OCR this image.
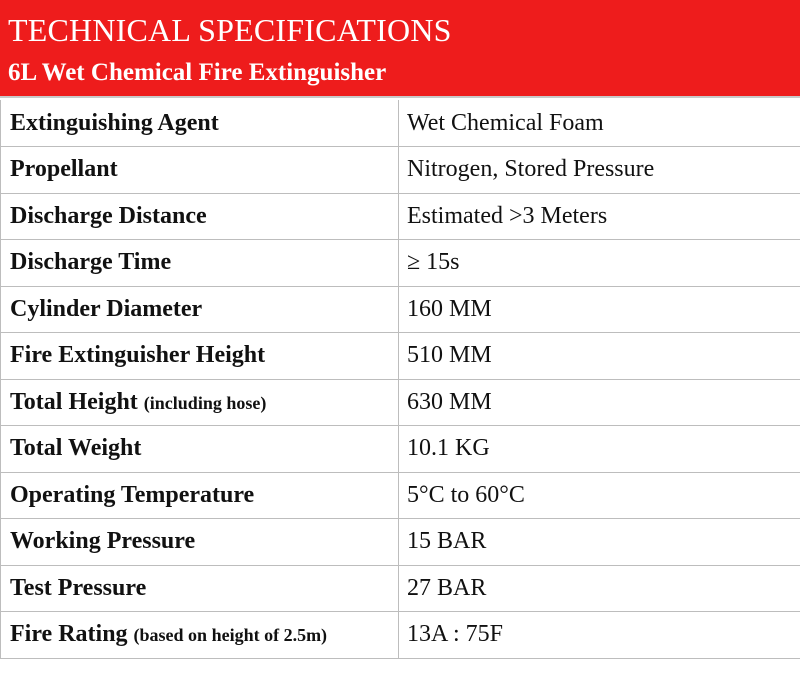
TECHNICAL SPECIFICATIONS
6L Wet Chemical Fire Extinguisher
Extinguishing Agent	Wet Chemical Foam
Propellant	Nitrogen, Stored Pressure
Discharge Distance	Estimated >3 Meters
Discharge Time	≥ 15s
Cylinder Diameter	160 MM
Fire Extinguisher Height	510 MM
Total Height (including hose)	630 MM
Total Weight	10.1 KG
Operating Temperature	5°C to 60°C
Working Pressure	15 BAR
Test Pressure	27 BAR
Fire Rating (based on height of 2.5m)	13A : 75F
